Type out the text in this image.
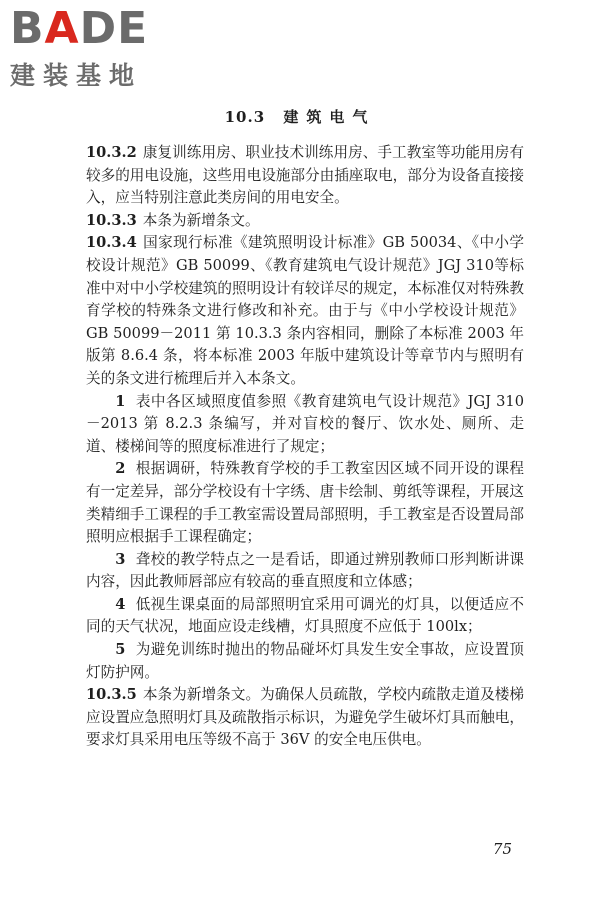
BADE
建装基地
10.3 建筑电气

10.3.2 康复训练用房、职业技术训练用房、手工教室等功能用房有较多的用电设施，这些用电设施部分由插座取电，部分为设备直接接入，应当特别注意此类房间的用电安全。

10.3.3 本条为新增条文。

10.3.4 国家现行标准《建筑照明设计标准》GB 50034、《中小学校设计规范》GB 50099、《教育建筑电气设计规范》JGJ 310等标准中对中小学校建筑的照明设计有较详尽的规定，本标准仅对特殊教育学校的特殊条文进行修改和补充。由于与《中小学校设计规范》GB 50099－2011 第 10.3.3 条内容相同，删除了本标准 2003 年版第 8.6.4 条，将本标准 2003 年版中建筑设计等章节内与照明有关的条文进行梳理后并入本条文。

1 表中各区域照度值参照《教育建筑电气设计规范》JGJ 310－2013 第 8.2.3 条编写，并对盲校的餐厅、饮水处、厕所、走道、楼梯间等的照度标准进行了规定；

2 根据调研，特殊教育学校的手工教室因区域不同开设的课程有一定差异，部分学校设有十字绣、唐卡绘制、剪纸等课程，开展这类精细手工课程的手工教室需设置局部照明，手工教室是否设置局部照明应根据手工课程确定；

3 聋校的教学特点之一是看话，即通过辨别教师口形判断讲课内容，因此教师唇部应有较高的垂直照度和立体感；

4 低视生课桌面的局部照明宜采用可调光的灯具，以便适应不同的天气状况，地面应设走线槽，灯具照度不应低于 100lx；

5 为避免训练时抛出的物品碰坏灯具发生安全事故，应设置顶灯防护网。

10.3.5 本条为新增条文。为确保人员疏散，学校内疏散走道及楼梯应设置应急照明灯具及疏散指示标识，为避免学生破坏灯具而触电，要求灯具采用电压等级不高于 36V 的安全电压供电。

75
